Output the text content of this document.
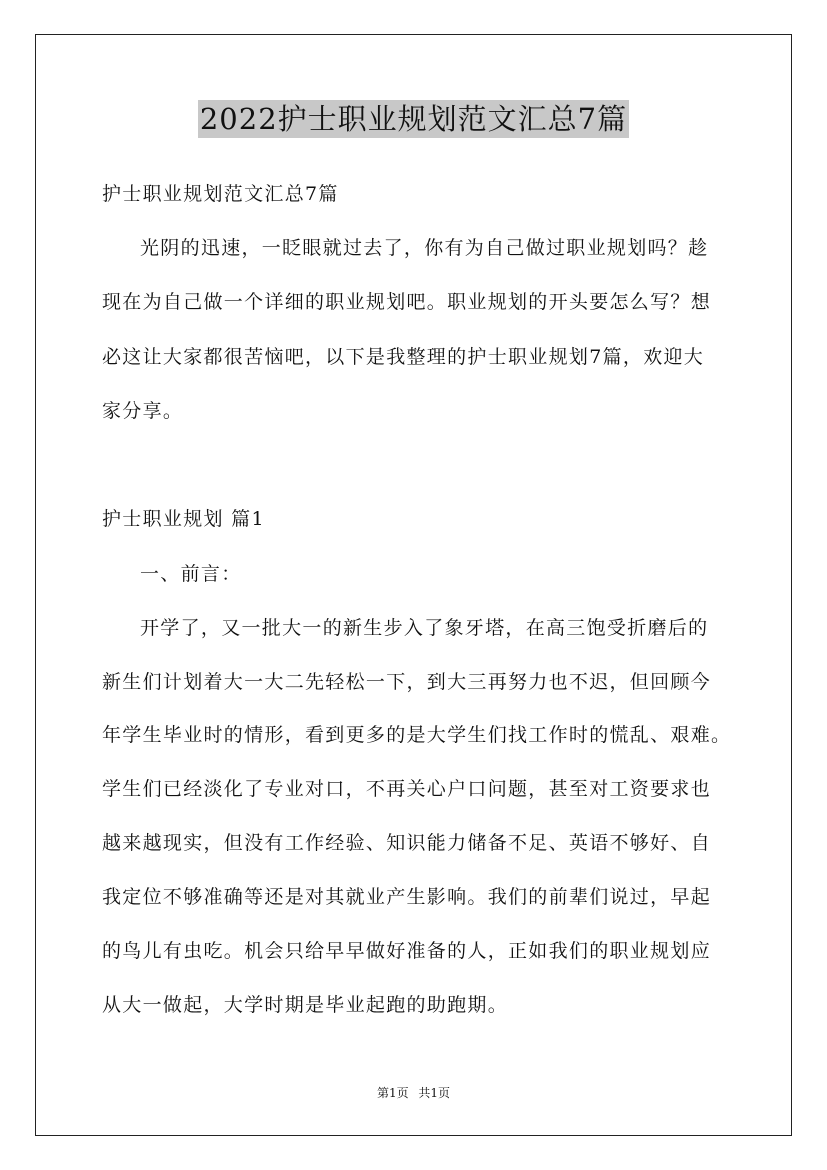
2022护士职业规划范文汇总7篇
护士职业规划范文汇总7篇
光阴的迅速，一眨眼就过去了，你有为自己做过职业规划吗？趁
现在为自己做一个详细的职业规划吧。职业规划的开头要怎么写？想
必这让大家都很苦恼吧，以下是我整理的护士职业规划7篇，欢迎大
家分享。
护士职业规划 篇1
一、前言：
开学了，又一批大一的新生步入了象牙塔，在高三饱受折磨后的
新生们计划着大一大二先轻松一下，到大三再努力也不迟，但回顾今
年学生毕业时的情形，看到更多的是大学生们找工作时的慌乱、艰难。
学生们已经淡化了专业对口，不再关心户口问题，甚至对工资要求也
越来越现实，但没有工作经验、知识能力储备不足、英语不够好、自
我定位不够准确等还是对其就业产生影响。我们的前辈们说过，早起
的鸟儿有虫吃。机会只给早早做好准备的人，正如我们的职业规划应
从大一做起，大学时期是毕业起跑的助跑期。
第1页 共1页
